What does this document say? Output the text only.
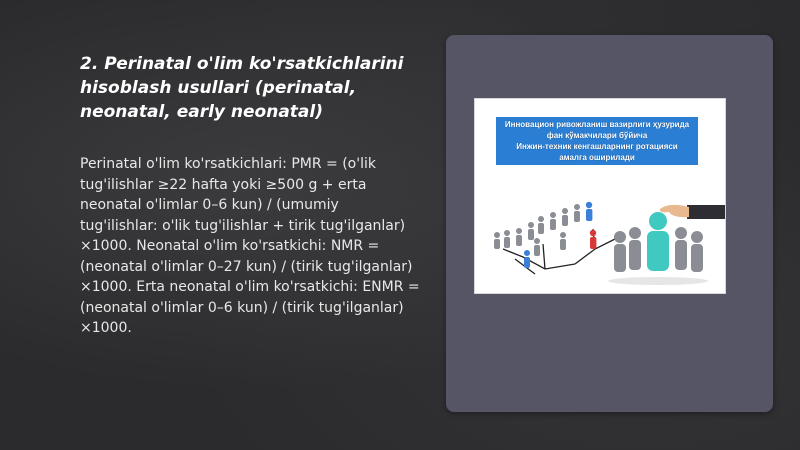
2. Perinatal o'lim ko'rsatkichlarini hisoblash usullari (perinatal, neonatal, early neonatal)

Perinatal o'lim ko'rsatkichlari: PMR = (o'lik tug'ilishlar ≥22 hafta yoki ≥500 g + erta neonatal o'limlar 0–6 kun) / (umumiy tug'ilishlar: o'lik tug'ilishlar + tirik tug'ilganlar) ×1000. Neonatal o'lim ko'rsatkichi: NMR = (neonatal o'limlar 0–27 kun) / (tirik tug'ilganlar) ×1000. Erta neonatal o'lim ko'rsatkichi: ENMR = (neonatal o'limlar 0–6 kun) / (tirik tug'ilganlar) ×1000.

Инновацион ривожланиш вазирлиги ҳузурида
фан кўмакчилари бўйича
Инжин-техник кенгашларнинг ротацияси
амалга оширилади
